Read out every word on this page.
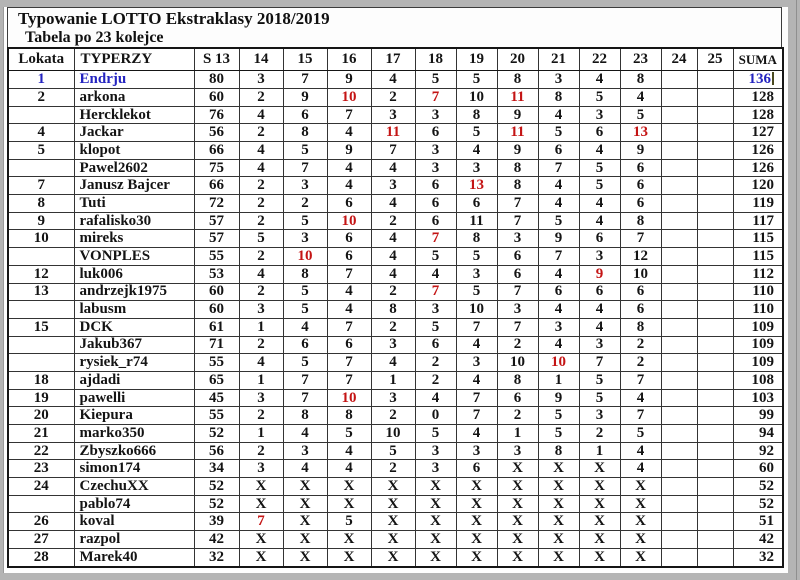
Typowanie LOTTO Ekstraklasy 2018/2019
Tabela po 23 kolejce
Lokata	TYPERZY	S 13	14	15	16	17	18	19	20	21	22	23	24	25	SUMA
1	Endrju	80	3	7	9	4	5	5	8	3	4	8			136
2	arkona	60	2	9	10	2	7	10	11	8	5	4			128
	Hercklekot	76	4	6	7	3	3	8	9	4	3	5			128
4	Jackar	56	2	8	4	11	6	5	11	5	6	13			127
5	klopot	66	4	5	9	7	3	4	9	6	4	9			126
	Pawel2602	75	4	7	4	4	3	3	8	7	5	6			126
7	Janusz Bajcer	66	2	3	4	3	6	13	8	4	5	6			120
8	Tuti	72	2	2	6	4	6	6	7	4	4	6			119
9	rafalisko30	57	2	5	10	2	6	11	7	5	4	8			117
10	mireks	57	5	3	6	4	7	8	3	9	6	7			115
	VONPLES	55	2	10	6	4	5	5	6	7	3	12			115
12	luk006	53	4	8	7	4	4	3	6	4	9	10			112
13	andrzejk1975	60	2	5	4	2	7	5	7	6	6	6			110
	labusm	60	3	5	4	8	3	10	3	4	4	6			110
15	DCK	61	1	4	7	2	5	7	7	3	4	8			109
	Jakub367	71	2	6	6	3	6	4	2	4	3	2			109
	rysiek_r74	55	4	5	7	4	2	3	10	10	7	2			109
18	ajdadi	65	1	7	7	1	2	4	8	1	5	7			108
19	pawelli	45	3	7	10	3	4	7	6	9	5	4			103
20	Kiepura	55	2	8	8	2	0	7	2	5	3	7			99
21	marko350	52	1	4	5	10	5	4	1	5	2	5			94
22	Zbyszko666	56	2	3	4	5	3	3	3	8	1	4			92
23	simon174	34	3	4	4	2	3	6	X	X	X	4			60
24	CzechuXX	52	X	X	X	X	X	X	X	X	X	X			52
	pablo74	52	X	X	X	X	X	X	X	X	X	X			52
26	koval	39	7	X	5	X	X	X	X	X	X	X			51
27	razpol	42	X	X	X	X	X	X	X	X	X	X			42
28	Marek40	32	X	X	X	X	X	X	X	X	X	X			32
